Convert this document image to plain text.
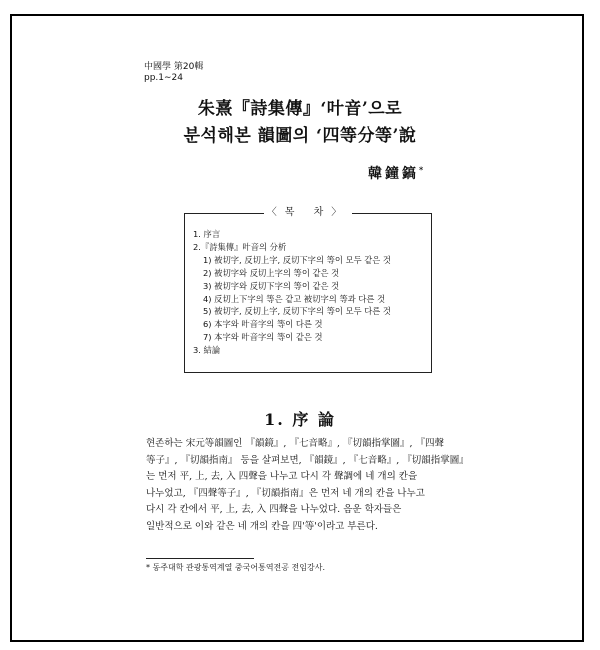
中國學 第20輯
pp.1∼24
朱熹『詩集傳』‘叶音’으로
분석해본 韻圖의 ‘四等分等’說
韓鐘鎬*
〈목 차〉
1. 序言
2.『詩集傳』叶音의 分析
1) 被切字, 反切上字, 反切下字의 等이 모두 같은 것
2) 被切字와 反切上字의 等이 같은 것
3) 被切字와 反切下字의 等이 같은 것
4) 反切上下字의 等은 같고 被切字의 等과 다른 것
5) 被切字, 反切上字, 反切下字의 等이 모두 다른 것
6) 本字와 叶音字의 等이 다른 것
7) 本字와 叶音字의 等이 같은 것
3. 結論
1. 序 論
현존하는 宋元等韻圖인 『韻鏡』, 『七音略』, 『切韻指掌圖』, 『四聲
等子』, 『切韻指南』 등을 살펴보면, 『韻鏡』, 『七音略』, 『切韻指掌圖』
는 먼저 平, 上, 去, 入 四聲을 나누고 다시 각 聲調에 네 개의 칸을
나누었고, 『四聲等子』, 『切韻指南』은 먼저 네 개의 칸을 나누고
다시 각 칸에서 平, 上, 去, 入 四聲을 나누었다. 음운 학자들은
일반적으로 이와 같은 네 개의 칸을 四'等'이라고 부른다.
* 동주대학 관광통역계열 중국어통역전공 전임강사.
